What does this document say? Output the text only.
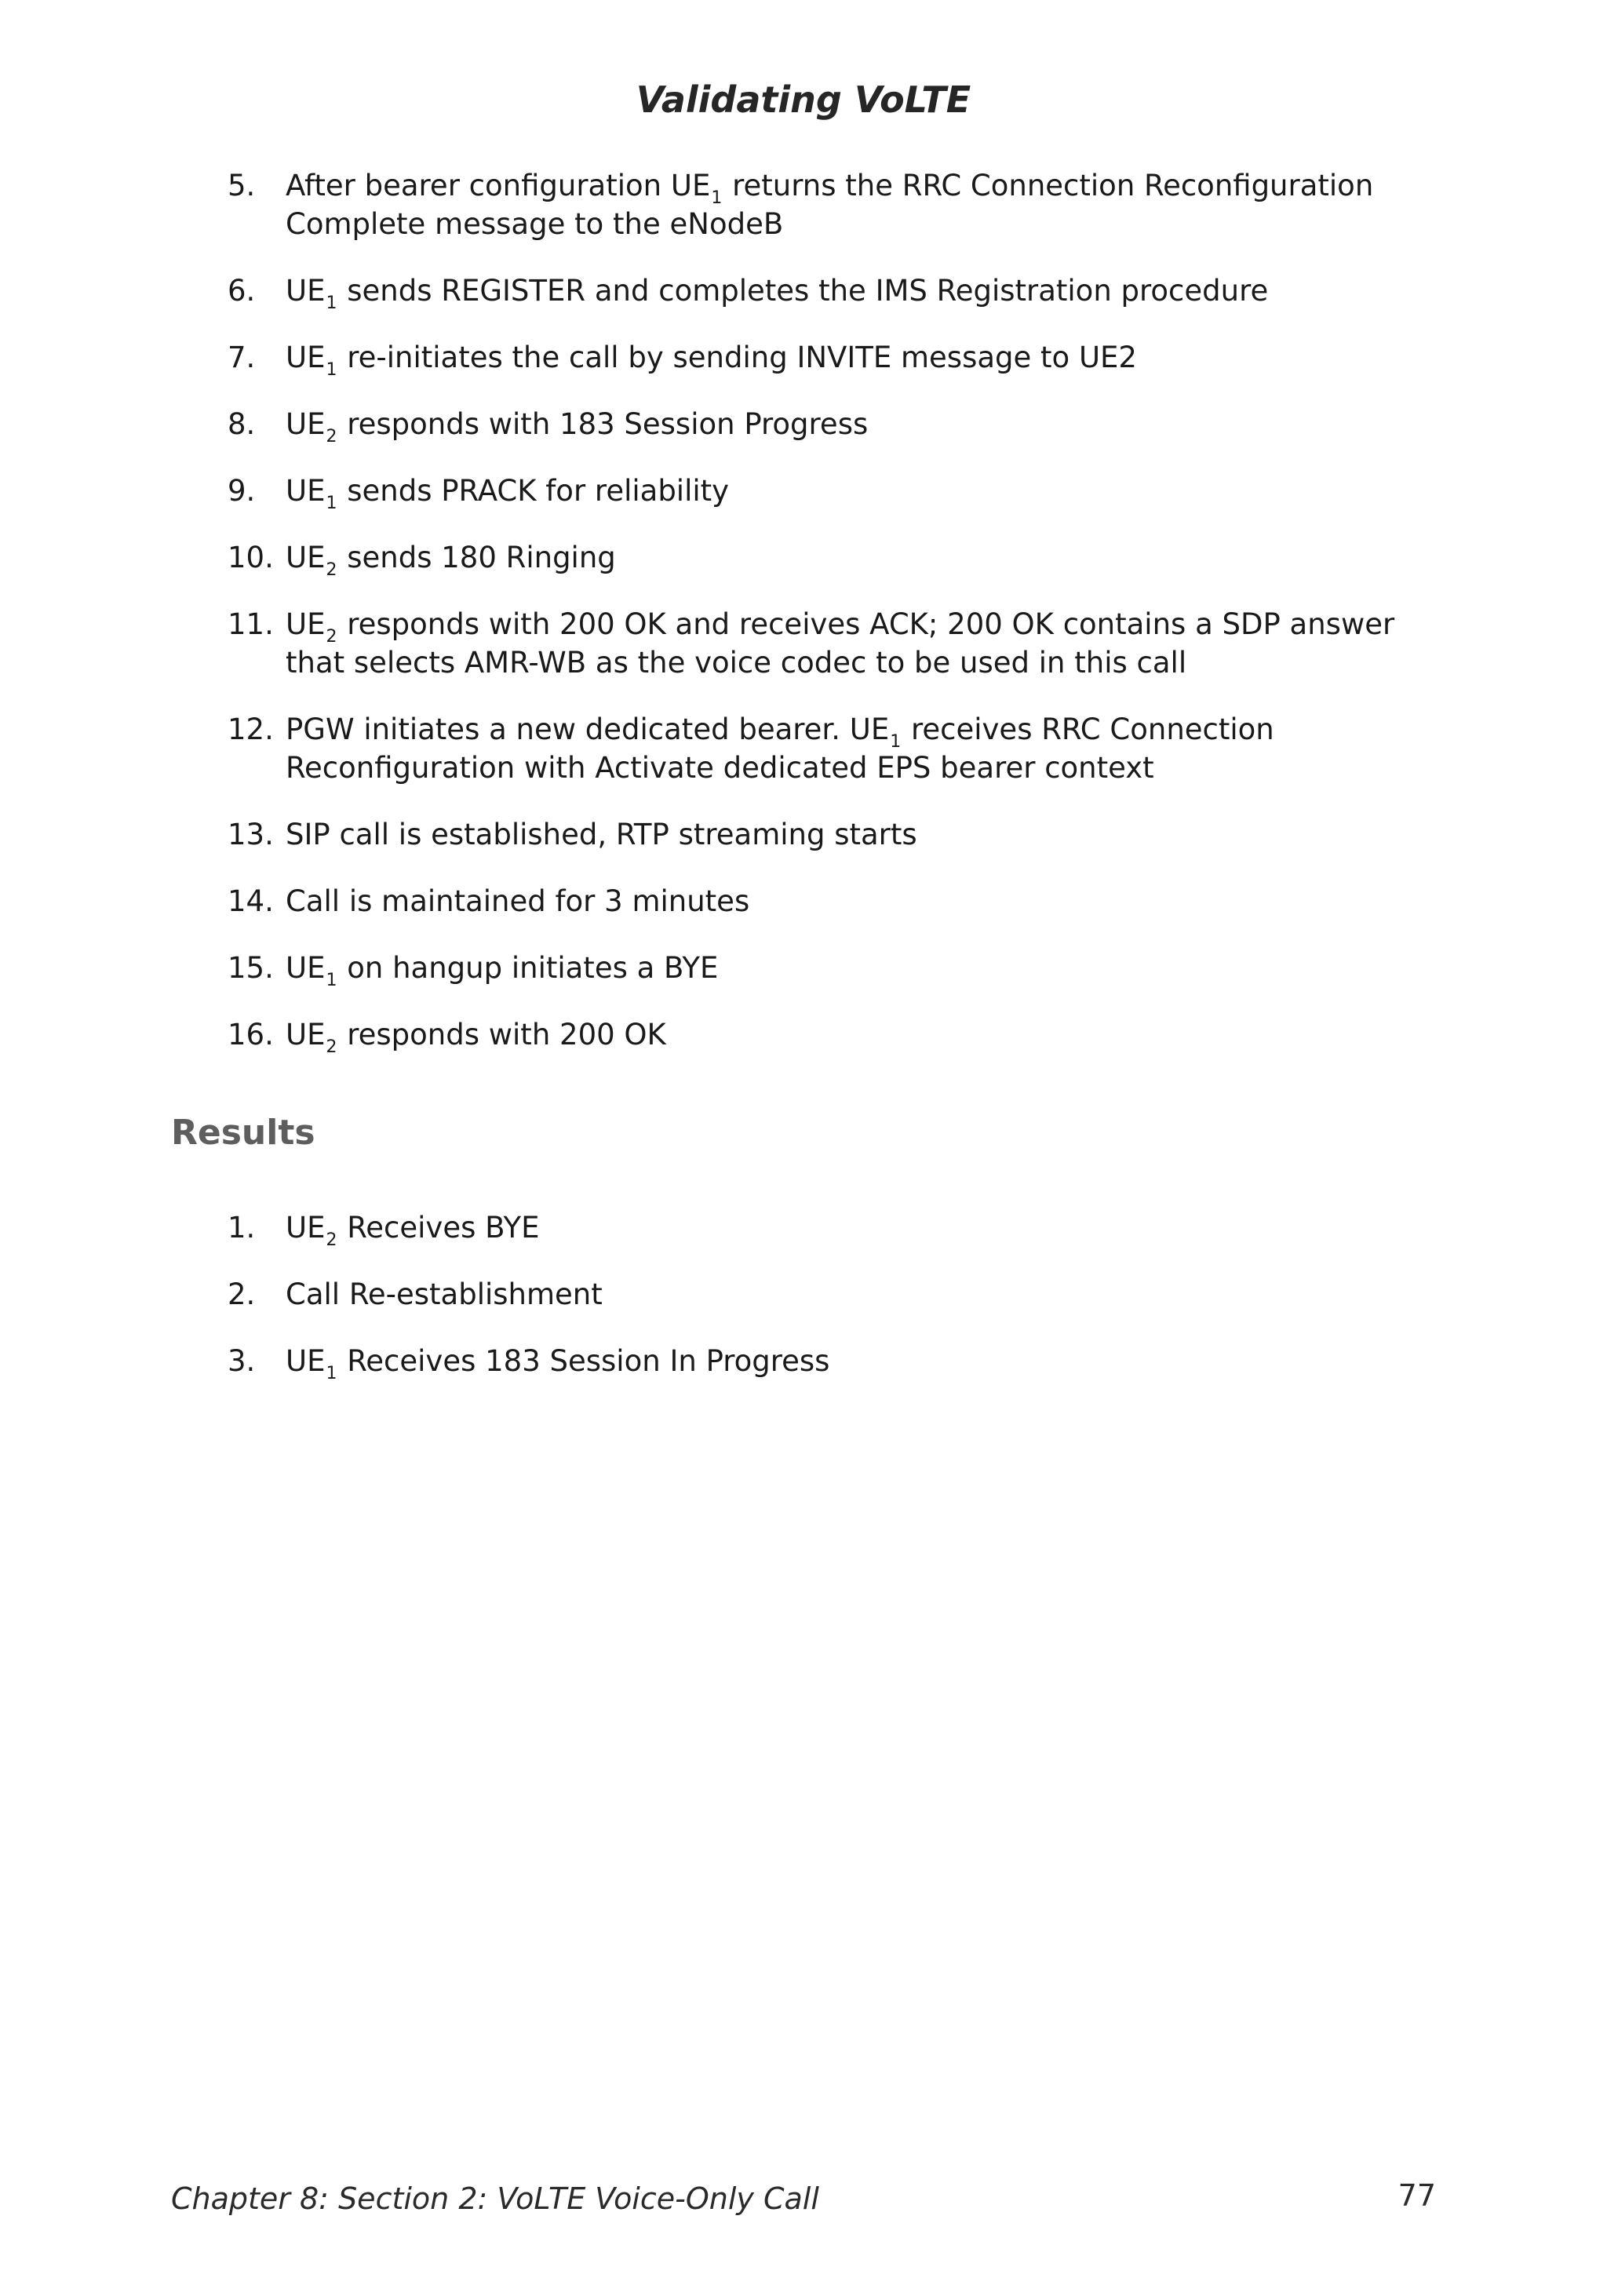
Validating VoLTE
5. After bearer configuration $UE_1$ returns the RRC Connection Reconfiguration Complete message to the eNodeB
6. $UE_1$ sends REGISTER and completes the IMS Registration procedure
7. $UE_1$ re-initiates the call by sending INVITE message to UE2
8. $UE_2$ responds with 183 Session Progress
9. $UE_1$ sends PRACK for reliability
10. $UE_2$ sends 180 Ringing
11. $UE_2$ responds with 200 OK and receives ACK; 200 OK contains a SDP answer that selects AMR-WB as the voice codec to be used in this call
12. PGW initiates a new dedicated bearer. $UE_1$ receives RRC Connection Reconfiguration with Activate dedicated EPS bearer context
13. SIP call is established, RTP streaming starts
14. Call is maintained for 3 minutes
15. $UE_1$ on hangup initiates a BYE
16. $UE_2$ responds with 200 OK
Results
1. $UE_2$ Receives BYE
2. Call Re-establishment
3. $UE_1$ Receives 183 Session In Progress
Chapter 8: Section 2: VoLTE Voice-Only Call	77
